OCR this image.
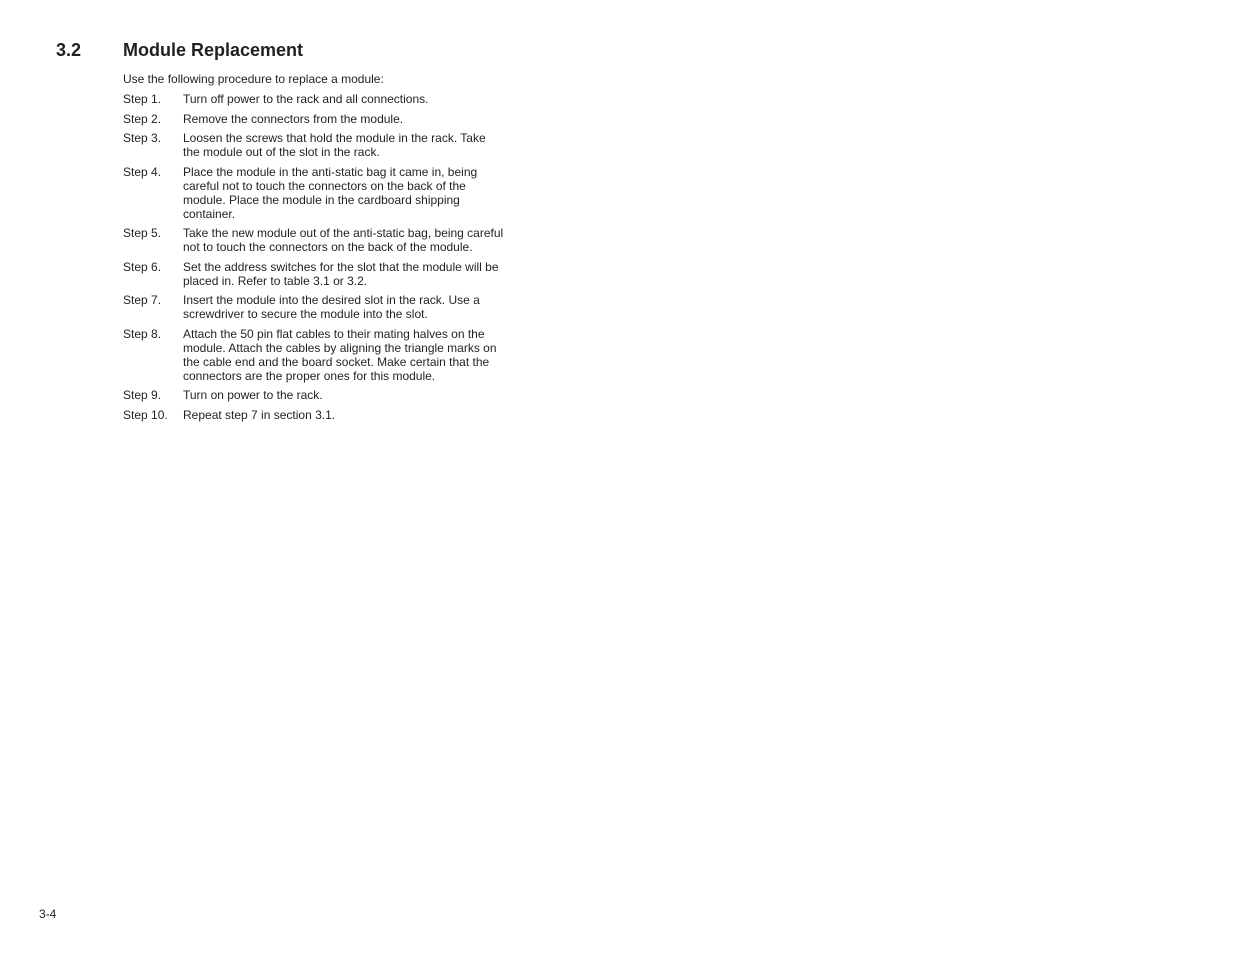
3.2 Module Replacement
Use the following procedure to replace a module:
Step 1.	Turn off power to the rack and all connections.
Step 2.	Remove the connectors from the module.
Step 3.	Loosen the screws that hold the module in the rack. Take the module out of the slot in the rack.
Step 4.	Place the module in the anti-static bag it came in, being careful not to touch the connectors on the back of the module. Place the module in the cardboard shipping container.
Step 5.	Take the new module out of the anti-static bag, being careful not to touch the connectors on the back of the module.
Step 6.	Set the address switches for the slot that the module will be placed in. Refer to table 3.1 or 3.2.
Step 7.	Insert the module into the desired slot in the rack. Use a screwdriver to secure the module into the slot.
Step 8.	Attach the 50 pin flat cables to their mating halves on the module. Attach the cables by aligning the triangle marks on the cable end and the board socket. Make certain that the connectors are the proper ones for this module.
Step 9.	Turn on power to the rack.
Step 10.	Repeat step 7 in section 3.1.
3-4
